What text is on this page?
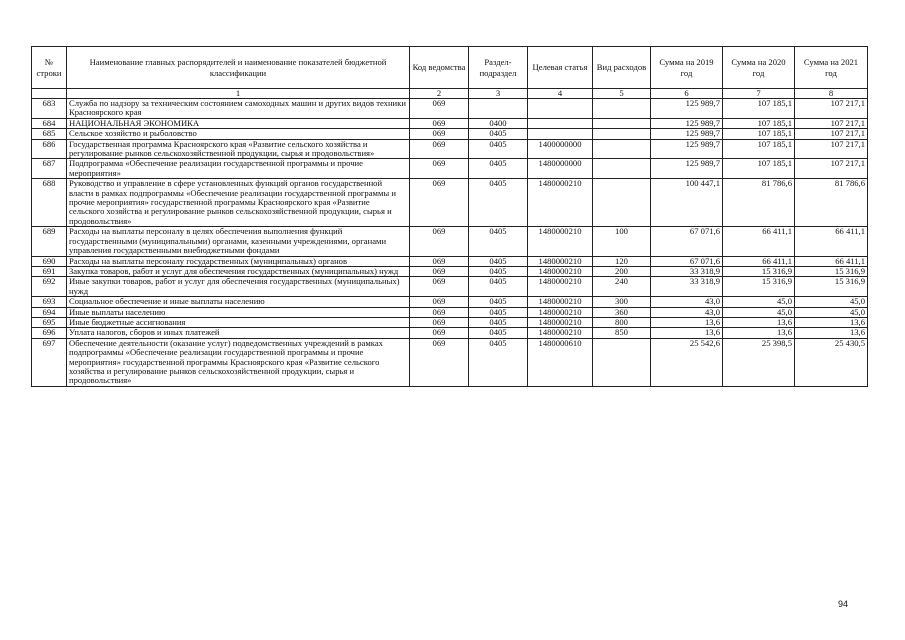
№ строки	Наименование главных распорядителей и наименование показателей бюджетной классификации	Код ведомства	Раздел-подраздел	Целевая статья	Вид расходов	Сумма на 2019 год	Сумма на 2020 год	Сумма на 2021 год
	1	2	3	4	5	6	7	8
683	Служба по надзору за техническим состоянием самоходных машин и других видов техники Красноярского края	069				125 989,7	107 185,1	107 217,1
684	НАЦИОНАЛЬНАЯ ЭКОНОМИКА	069	0400			125 989,7	107 185,1	107 217,1
685	Сельское хозяйство и рыболовство	069	0405			125 989,7	107 185,1	107 217,1
686	Государственная программа Красноярского края «Развитие сельского хозяйства и регулирование рынков сельскохозяйственной продукции, сырья и продовольствия»	069	0405	1400000000		125 989,7	107 185,1	107 217,1
687	Подпрограмма «Обеспечение реализации государственной программы и прочие мероприятия»	069	0405	1480000000		125 989,7	107 185,1	107 217,1
688	Руководство и управление в сфере установленных функций органов государственной власти в рамках подпрограммы «Обеспечение реализации государственной программы и прочие мероприятия» государственной программы Красноярского края «Развитие сельского хозяйства и регулирование рынков сельскохозяйственной продукции, сырья и продовольствия»	069	0405	1480000210		100 447,1	81 786,6	81 786,6
689	Расходы на выплаты персоналу в целях обеспечения выполнения функций государственными (муниципальными) органами, казенными учреждениями, органами управления государственными внебюджетными фондами	069	0405	1480000210	100	67 071,6	66 411,1	66 411,1
690	Расходы на выплаты персоналу государственных (муниципальных) органов	069	0405	1480000210	120	67 071,6	66 411,1	66 411,1
691	Закупка товаров, работ и услуг для обеспечения государственных (муниципальных) нужд	069	0405	1480000210	200	33 318,9	15 316,9	15 316,9
692	Иные закупки товаров, работ и услуг для обеспечения государственных (муниципальных) нужд	069	0405	1480000210	240	33 318,9	15 316,9	15 316,9
693	Социальное обеспечение и иные выплаты населению	069	0405	1480000210	300	43,0	45,0	45,0
694	Иные выплаты населению	069	0405	1480000210	360	43,0	45,0	45,0
695	Иные бюджетные ассигнования	069	0405	1480000210	800	13,6	13,6	13,6
696	Уплата налогов, сборов и иных платежей	069	0405	1480000210	850	13,6	13,6	13,6
697	Обеспечение деятельности (оказание услуг) подведомственных учреждений в рамках подпрограммы «Обеспечение реализации государственной программы и прочие мероприятия» государственной программы Красноярского края «Развитие сельского хозяйства и регулирование рынков сельскохозяйственной продукции, сырья и продовольствия»	069	0405	1480000610		25 542,6	25 398,5	25 430,5
94
